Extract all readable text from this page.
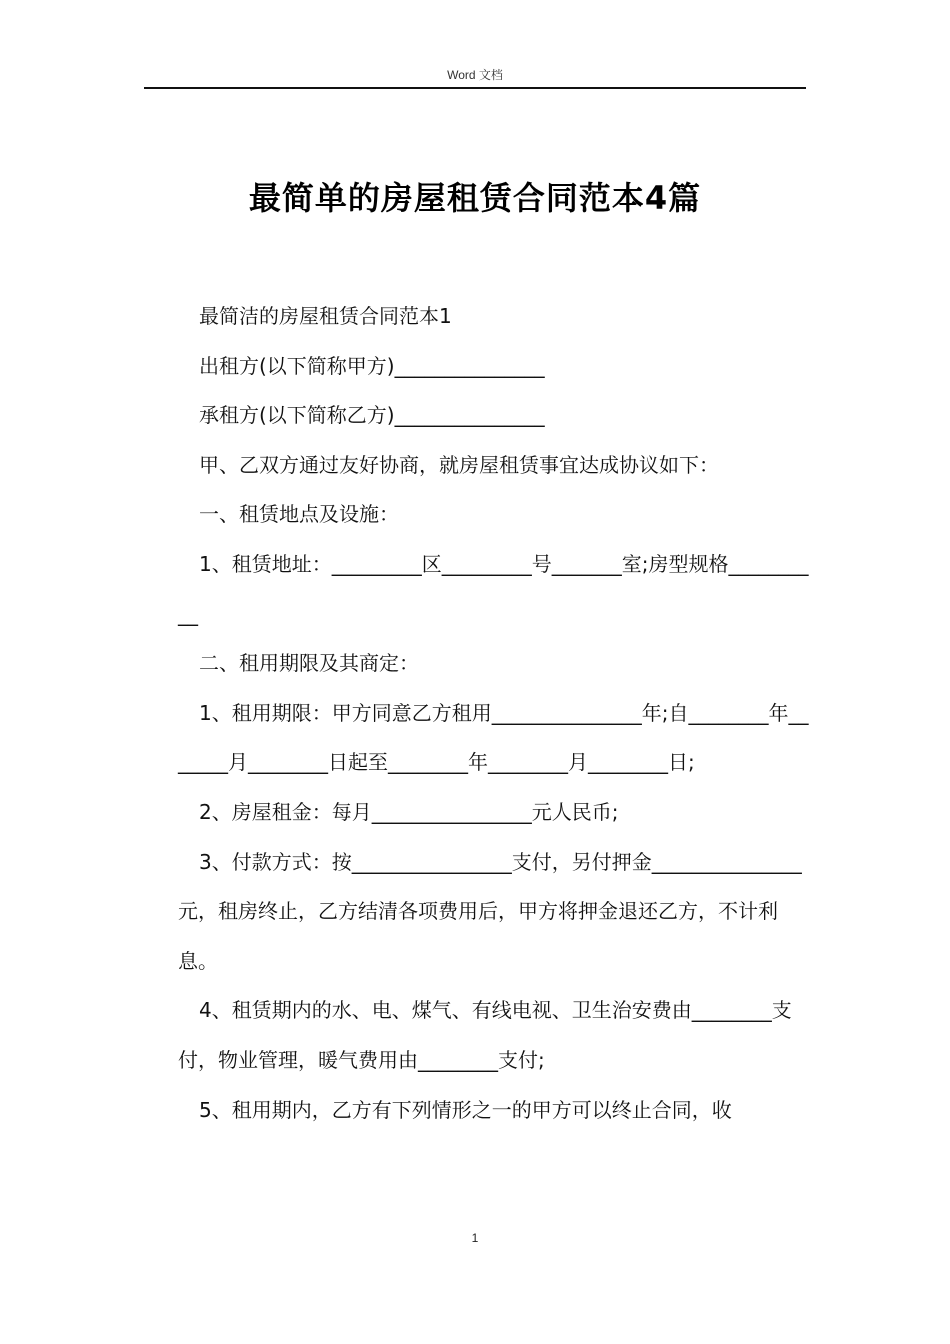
Word 文档
最简单的房屋租赁合同范本4篇

最简洁的房屋租赁合同范本1

出租方(以下简称甲方)_______________

承租方(以下简称乙方)_______________

甲、乙双方通过友好协商，就房屋租赁事宜达成协议如下：

一、租赁地点及设施：

1、租赁地址：_________区_________号_______室;房型规格__________

二、租用期限及其商定：

1、租用期限：甲方同意乙方租用_______________年;自________年_______月________日起至________年________月________日;

2、房屋租金：每月________________元人民币;

3、付款方式：按________________支付，另付押金_______________元，租房终止，乙方结清各项费用后，甲方将押金退还乙方，不计利息。

4、租赁期内的水、电、煤气、有线电视、卫生治安费由________支付，物业管理，暖气费用由________支付;

5、租用期内，乙方有下列情形之一的甲方可以终止合同，收

1
